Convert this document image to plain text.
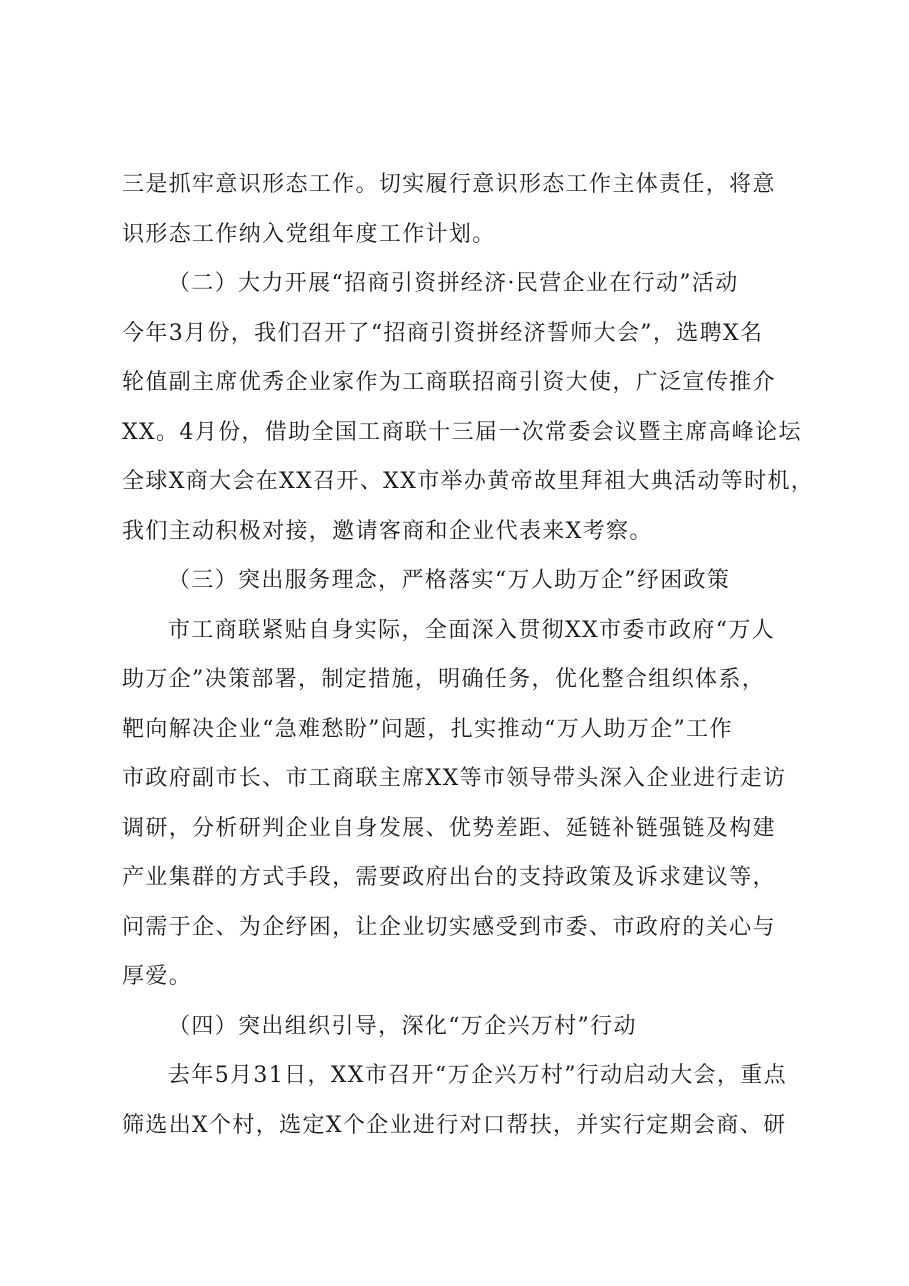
三是抓牢意识形态工作。切实履行意识形态工作主体责任，将意
识形态工作纳入党组年度工作计划。
（二）大力开展“招商引资拼经济·民营企业在行动”活动
今年3月份，我们召开了“招商引资拼经济誓师大会”，选聘X名
轮值副主席优秀企业家作为工商联招商引资大使，广泛宣传推介
XX。4月份，借助全国工商联十三届一次常委会议暨主席高峰论坛
全球X商大会在XX召开、XX市举办黄帝故里拜祖大典活动等时机，
我们主动积极对接，邀请客商和企业代表来X考察。
（三）突出服务理念，严格落实“万人助万企”纾困政策
市工商联紧贴自身实际，全面深入贯彻XX市委市政府“万人
助万企”决策部署，制定措施，明确任务，优化整合组织体系，
靶向解决企业“急难愁盼”问题，扎实推动“万人助万企”工作
市政府副市长、市工商联主席XX等市领导带头深入企业进行走访
调研，分析研判企业自身发展、优势差距、延链补链强链及构建
产业集群的方式手段，需要政府出台的支持政策及诉求建议等，
问需于企、为企纾困，让企业切实感受到市委、市政府的关心与
厚爱。
（四）突出组织引导，深化“万企兴万村”行动
去年5月31日，XX市召开“万企兴万村”行动启动大会，重点
筛选出X个村，选定X个企业进行对口帮扶，并实行定期会商、研
